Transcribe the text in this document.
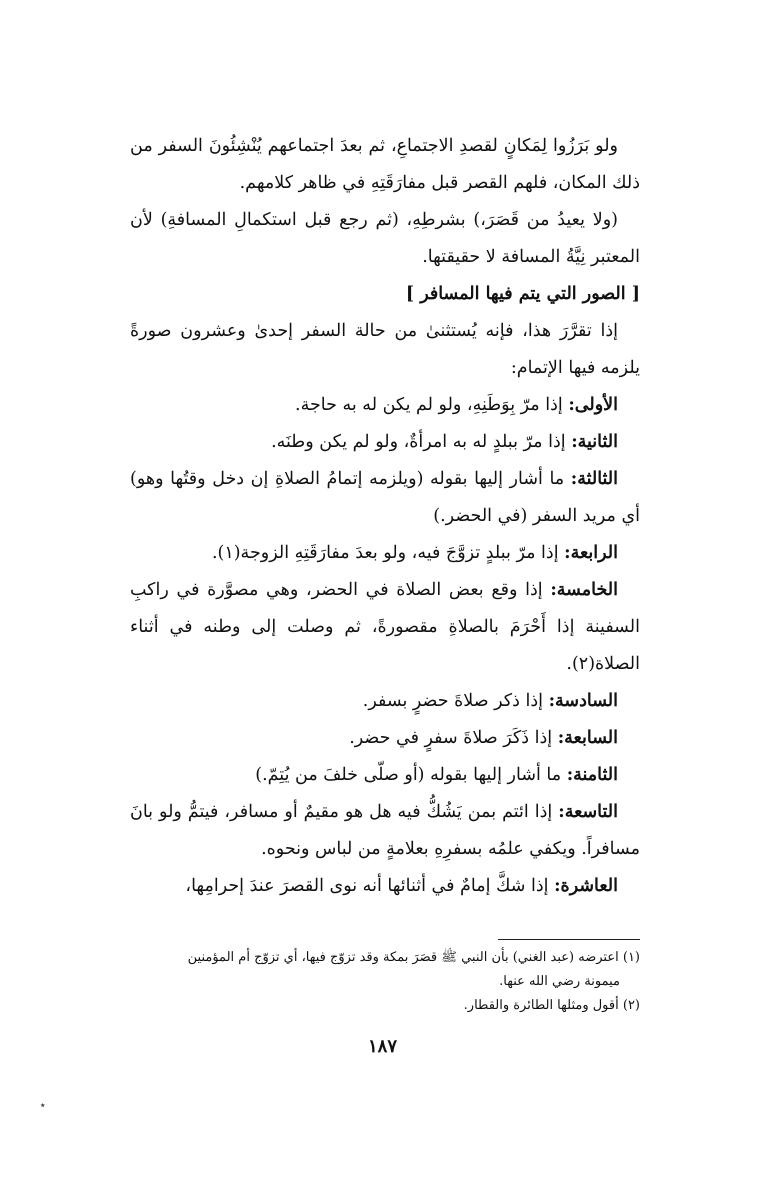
ولو بَرَزُوا لِمَكانٍ لقصدِ الاجتماعِ، ثم بعدَ اجتماعهم يُنْشِئُونَ السفر من ذلك المكان، فلهم القصر قبل مفارَقَتِهِ في ظاهر كلامهم.

(ولا يعيدُ من قَصَرَ،) بشرطِهِ، (ثم رجع قبل استكمالِ المسافةِ) لأن المعتبر نِيَّةُ المسافة لا حقيقتها.

[ الصور التي يتم فيها المسافر ]

إذا تقرَّرَ هذا، فإنه يُستثنىٰ من حالة السفر إحدىٰ وعشرون صورةً يلزمه فيها الإتمام:

الأولى: إذا مرّ بِوَطَنِهِ، ولو لم يكن له به حاجة.

الثانية: إذا مرّ ببلدٍ له به امرأةٌ، ولو لم يكن وطنَه.

الثالثة: ما أشار إليها بقوله (ويلزمه إتمامُ الصلاةِ إن دخل وقتُها وهو) أي مريد السفر (في الحضر.)

الرابعة: إذا مرّ ببلدٍ تزوَّجَ فيه، ولو بعدَ مفارَقَتِهِ الزوجة(١).

الخامسة: إذا وقع بعض الصلاة في الحضر، وهي مصوَّرة في راكبِ السفينة إذا أَحْرَمَ بالصلاةِ مقصورةً، ثم وصلت إلى وطنه في أثناء الصلاة(٢).

السادسة: إذا ذكر صلاةَ حضرٍ بسفر.

السابعة: إذا ذَكَرَ صلاةَ سفرٍ في حضر.

الثامنة: ما أشار إليها بقوله (أو صلّى خلفَ من يُتِمّ.)

التاسعة: إذا ائتم بمن يَشُكُّ فيه هل هو مقيمٌ أو مسافر، فيتمُّ ولو بانَ مسافراً. ويكفي علمُه بسفرِهِ بعلامةٍ من لباس ونحوه.

العاشرة: إذا شكَّ إمامٌ في أثنائها أنه نوى القصرَ عندَ إحرامِها،

(١) اعترضه (عبد الغني) بأن النبي ﷺ قصَرَ بمكة وقد تزوّج فيها، أي تزوّج أم المؤمنين

ميمونة رضي الله عنها.

(٢) أقول ومثلها الطائرة والقطار.

١٨٧
٭
